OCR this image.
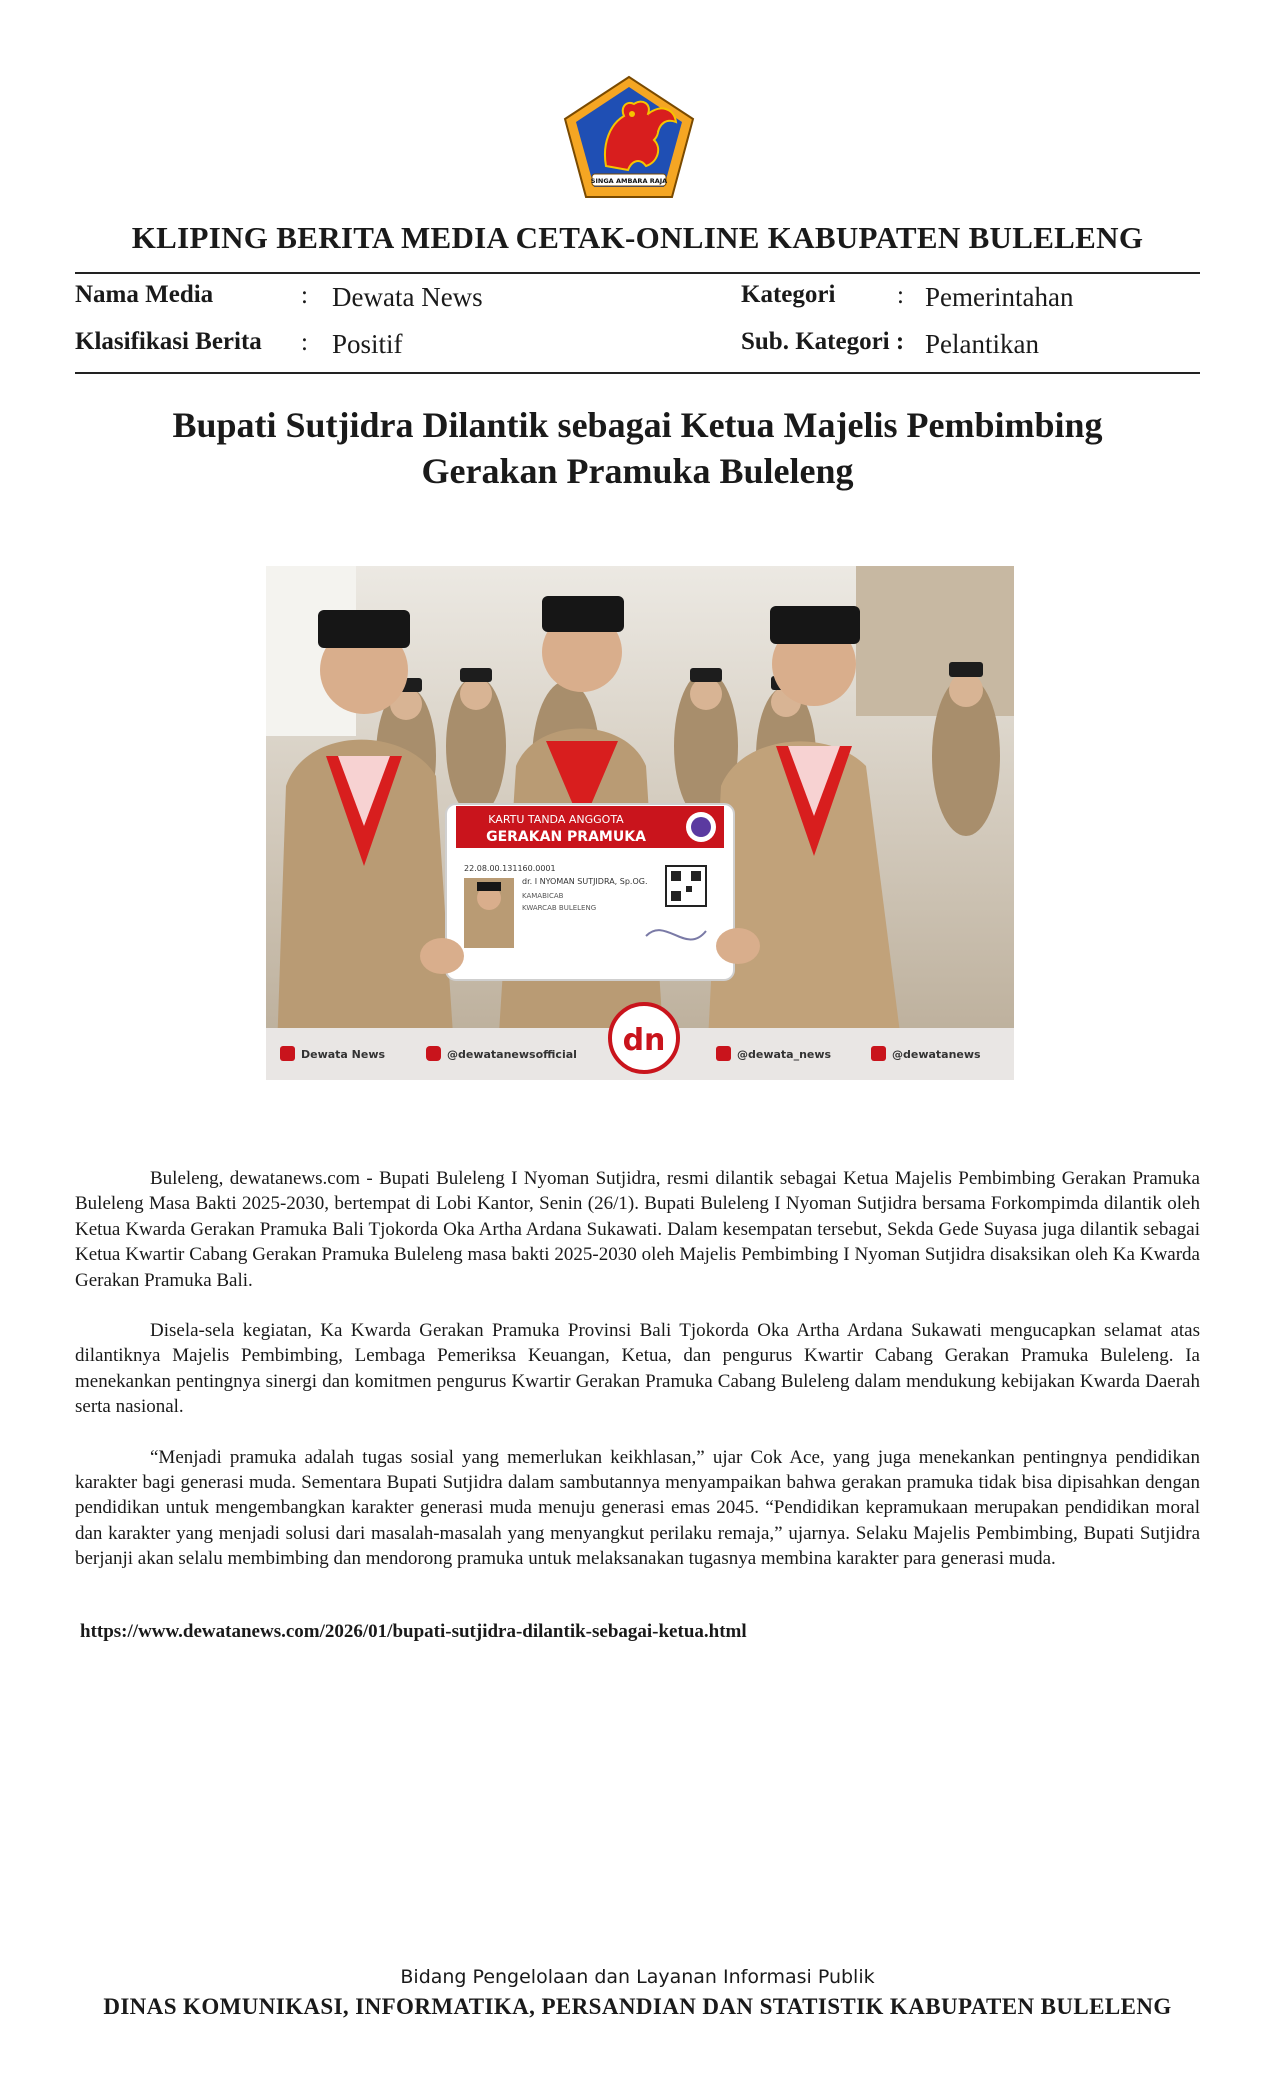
SINGA AMBARA RAJA
KLIPING BERITA MEDIA CETAK-ONLINE KABUPATEN BULELENG
Nama Media	: Dewata News	Kategori : Pemerintahan
Klasifikasi Berita : Positif	Sub. Kategori : Pelantikan
Bupati Sutjidra Dilantik sebagai Ketua Majelis Pembimbing
Gerakan Pramuka Buleleng
KARTU TANDA ANGGOTA
GERAKAN PRAMUKA
22.08.00.131160.0001
dr. I NYOMAN SUTJIDRA, Sp.OG.
KAMABICAB
KWARCAB BULELENG
Dewata News	@dewatanewsofficial dn	@dewata_news	@dewatanews

Buleleng, dewatanews.com - Bupati Buleleng I Nyoman Sutjidra, resmi dilantik sebagai Ketua Majelis Pembimbing Gerakan Pramuka Buleleng Masa Bakti 2025-2030, bertempat di Lobi Kantor, Senin (26/1). Bupati Buleleng I Nyoman Sutjidra bersama Forkompimda dilantik oleh Ketua Kwarda Gerakan Pramuka Bali Tjokorda Oka Artha Ardana Sukawati. Dalam kesempatan tersebut, Sekda Gede Suyasa juga dilantik sebagai Ketua Kwartir Cabang Gerakan Pramuka Buleleng masa bakti 2025-2030 oleh Majelis Pembimbing I Nyoman Sutjidra disaksikan oleh Ka Kwarda Gerakan Pramuka Bali.

Disela-sela kegiatan, Ka Kwarda Gerakan Pramuka Provinsi Bali Tjokorda Oka Artha Ardana Sukawati mengucapkan selamat atas dilantiknya Majelis Pembimbing, Lembaga Pemeriksa Keuangan, Ketua, dan pengurus Kwartir Cabang Gerakan Pramuka Buleleng. Ia menekankan pentingnya sinergi dan komitmen pengurus Kwartir Gerakan Pramuka Cabang Buleleng dalam mendukung kebijakan Kwarda Daerah serta nasional.

“Menjadi pramuka adalah tugas sosial yang memerlukan keikhlasan,” ujar Cok Ace, yang juga menekankan pentingnya pendidikan karakter bagi generasi muda. Sementara Bupati Sutjidra dalam sambutannya menyampaikan bahwa gerakan pramuka tidak bisa dipisahkan dengan pendidikan untuk mengembangkan karakter generasi muda menuju generasi emas 2045. “Pendidikan kepramukaan merupakan pendidikan moral dan karakter yang menjadi solusi dari masalah-masalah yang menyangkut perilaku remaja,” ujarnya. Selaku Majelis Pembimbing, Bupati Sutjidra berjanji akan selalu membimbing dan mendorong pramuka untuk melaksanakan tugasnya membina karakter para generasi muda.

https://www.dewatanews.com/2026/01/bupati-sutjidra-dilantik-sebagai-ketua.html
Bidang Pengelolaan dan Layanan Informasi Publik
DINAS KOMUNIKASI, INFORMATIKA, PERSANDIAN DAN STATISTIK KABUPATEN BULELENG
